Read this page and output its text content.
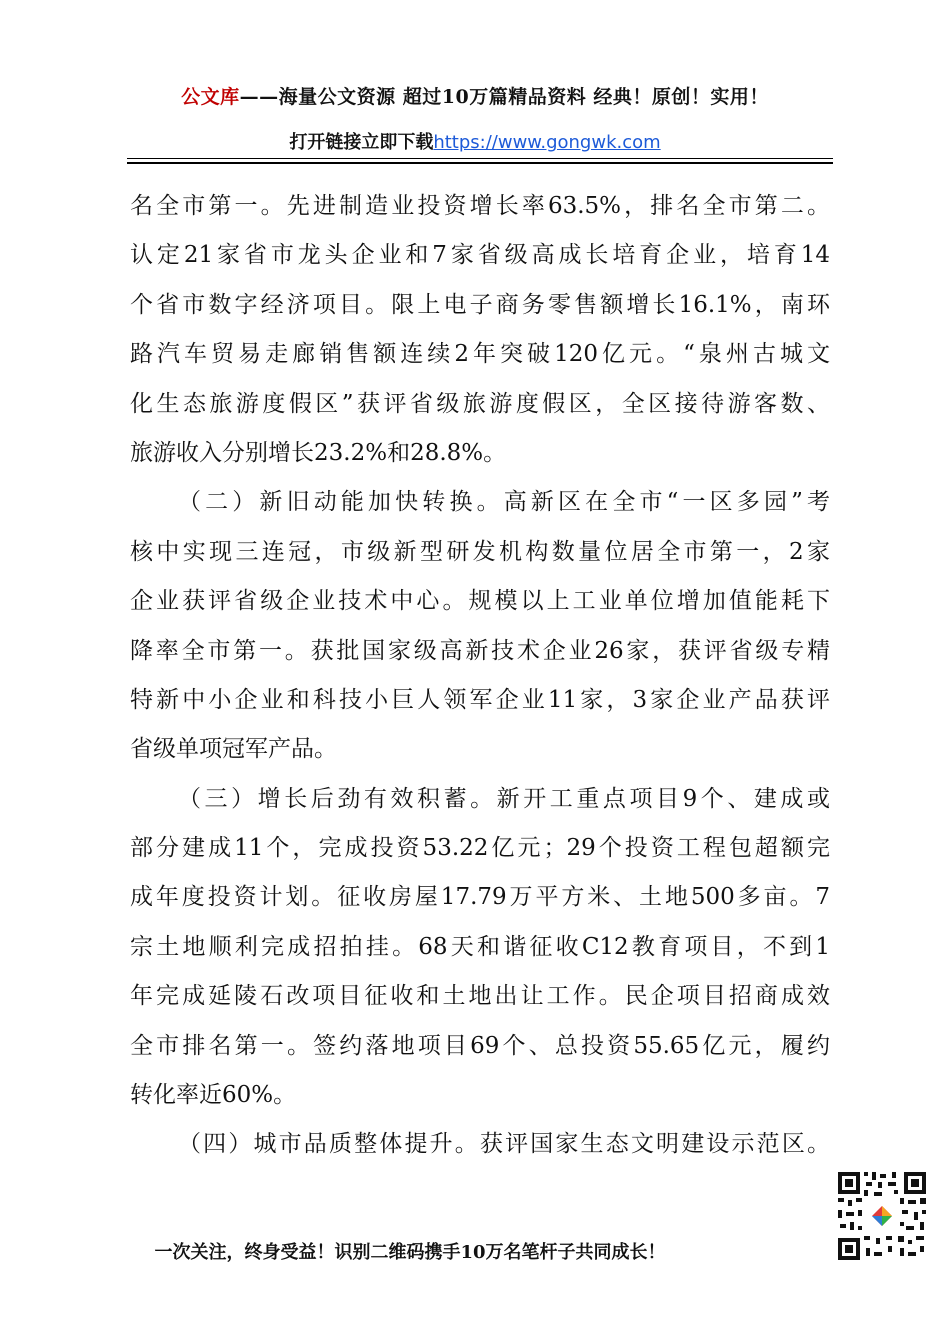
公文库——海量公文资源 超过10万篇精品资料 经典！原创！实用！
打开链接立即下载https://www.gongwk.com
名全市第一。先进制造业投资增长率63.5%，排名全市第二。
认定21家省市龙头企业和7家省级高成长培育企业，培育14
个省市数字经济项目。限上电子商务零售额增长16.1%，南环
路汽车贸易走廊销售额连续2年突破120亿元。“泉州古城文
化生态旅游度假区”获评省级旅游度假区，全区接待游客数、
旅游收入分别增长23.2%和28.8%。
（二）新旧动能加快转换。高新区在全市“一区多园”考
核中实现三连冠，市级新型研发机构数量位居全市第一，2家
企业获评省级企业技术中心。规模以上工业单位增加值能耗下
降率全市第一。获批国家级高新技术企业26家，获评省级专精
特新中小企业和科技小巨人领军企业11家，3家企业产品获评
省级单项冠军产品。
（三）增长后劲有效积蓄。新开工重点项目9个、建成或
部分建成11个，完成投资53.22亿元；29个投资工程包超额完
成年度投资计划。征收房屋17.79万平方米、土地500多亩。7
宗土地顺利完成招拍挂。68天和谐征收C12教育项目，不到1
年完成延陵石改项目征收和土地出让工作。民企项目招商成效
全市排名第一。签约落地项目69个、总投资55.65亿元，履约
转化率近60%。
（四）城市品质整体提升。获评国家生态文明建设示范区。
一次关注，终身受益！识别二维码携手10万名笔杆子共同成长！
